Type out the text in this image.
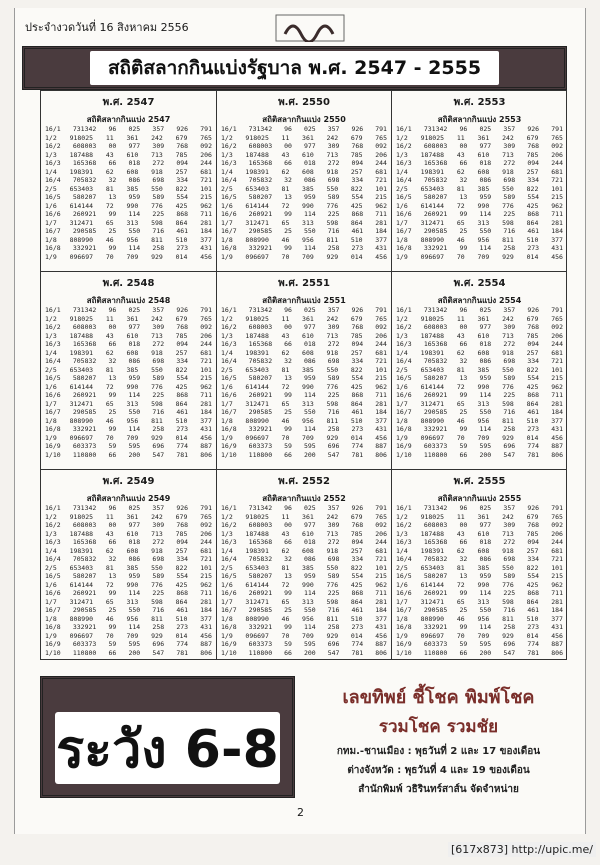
ประจำงวดวันที่ 16 สิงหาคม 2556
สถิติสลากกินแบ่งรัฐบาล พ.ศ. 2547 - 2555
พ.ศ. 2547
สถิติสลากกินแบ่ง 2547
16/1 731342 96 025 357 926 791
1/2 918025 11 361 242 679 765
16/2 608003 00 977 309 768 092
1/3 187488 43 610 713 785 206
16/3 165368 66 018 272 094 244
1/4 198391 62 608 918 257 681
16/4 705832 32 086 698 334 721
2/5 653403 81 385 550 822 101
16/5 580207 13 959 589 554 215
1/6 614144 72 990 776 425 962
16/6 260921 99 114 225 868 711
1/7 312471 65 313 598 864 281
16/7 290585 25 550 716 461 184
1/8 808990 46 956 811 510 377
16/8 332921 99 114 258 273 431
1/9 096697 70 709 929 014 456
พ.ศ. 2550
สถิติสลากกินแบ่ง 2550
16/1 731342 96 025 357 926 791
1/2 918025 11 361 242 679 765
16/2 608003 00 977 309 768 092
1/3 187488 43 610 713 785 206
16/3 165368 66 018 272 094 244
1/4 198391 62 608 918 257 681
16/4 705832 32 086 698 334 721
2/5 653403 81 385 550 822 101
16/5 580207 13 959 589 554 215
1/6 614144 72 990 776 425 962
16/6 260921 99 114 225 868 711
1/7 312471 65 313 598 864 281
16/7 290585 25 550 716 461 184
1/8 808990 46 956 811 510 377
16/8 332921 99 114 258 273 431
1/9 096697 70 709 929 014 456
พ.ศ. 2553
สถิติสลากกินแบ่ง 2553
16/1 731342 96 025 357 926 791
1/2 918025 11 361 242 679 765
16/2 608003 00 977 309 768 092
1/3 187488 43 610 713 785 206
16/3 165368 66 018 272 094 244
1/4 198391 62 608 918 257 681
16/4 705832 32 086 698 334 721
2/5 653403 81 385 550 822 101
16/5 580207 13 959 589 554 215
1/6 614144 72 990 776 425 962
16/6 260921 99 114 225 868 711
1/7 312471 65 313 598 864 281
16/7 290585 25 550 716 461 184
1/8 808990 46 956 811 510 377
16/8 332921 99 114 258 273 431
1/9 096697 70 709 929 014 456
พ.ศ. 2548
สถิติสลากกินแบ่ง 2548
16/1 731342 96 025 357 926 791
1/2 918025 11 361 242 679 765
16/2 608003 00 977 309 768 092
1/3 187488 43 610 713 785 206
16/3 165368 66 018 272 094 244
1/4 198391 62 608 918 257 681
16/4 705832 32 086 698 334 721
2/5 653403 81 385 550 822 101
16/5 580207 13 959 589 554 215
1/6 614144 72 990 776 425 962
16/6 260921 99 114 225 868 711
1/7 312471 65 313 598 864 281
16/7 290585 25 550 716 461 184
1/8 808990 46 956 811 510 377
16/8 332921 99 114 258 273 431
1/9 096697 70 709 929 014 456
16/9 603373 59 595 696 774 887
1/10 110800 66 200 547 781 806
พ.ศ. 2551
สถิติสลากกินแบ่ง 2551
16/1 731342 96 025 357 926 791
1/2 918025 11 361 242 679 765
16/2 608003 00 977 309 768 092
1/3 187488 43 610 713 785 206
16/3 165368 66 018 272 094 244
1/4 198391 62 608 918 257 681
16/4 705832 32 086 698 334 721
2/5 653403 81 385 550 822 101
16/5 580207 13 959 589 554 215
1/6 614144 72 990 776 425 962
16/6 260921 99 114 225 868 711
1/7 312471 65 313 598 864 281
16/7 290585 25 550 716 461 184
1/8 808990 46 956 811 510 377
16/8 332921 99 114 258 273 431
1/9 096697 70 709 929 014 456
16/9 603373 59 595 696 774 887
1/10 110800 66 200 547 781 806
พ.ศ. 2554
สถิติสลากกินแบ่ง 2554
16/1 731342 96 025 357 926 791
1/2 918025 11 361 242 679 765
16/2 608003 00 977 309 768 092
1/3 187488 43 610 713 785 206
16/3 165368 66 018 272 094 244
1/4 198391 62 608 918 257 681
16/4 705832 32 086 698 334 721
2/5 653403 81 385 550 822 101
16/5 580207 13 959 589 554 215
1/6 614144 72 990 776 425 962
16/6 260921 99 114 225 868 711
1/7 312471 65 313 598 864 281
16/7 290585 25 550 716 461 184
1/8 808990 46 956 811 510 377
16/8 332921 99 114 258 273 431
1/9 096697 70 709 929 014 456
16/9 603373 59 595 696 774 887
1/10 110800 66 200 547 781 806
พ.ศ. 2549
สถิติสลากกินแบ่ง 2549
16/1 731342 96 025 357 926 791
1/2 918025 11 361 242 679 765
16/2 608003 00 977 309 768 092
1/3 187488 43 610 713 785 206
16/3 165368 66 018 272 094 244
1/4 198391 62 608 918 257 681
16/4 705832 32 086 698 334 721
2/5 653403 81 385 550 822 101
16/5 580207 13 959 589 554 215
1/6 614144 72 990 776 425 962
16/6 260921 99 114 225 868 711
1/7 312471 65 313 598 864 281
16/7 290585 25 550 716 461 184
1/8 808990 46 956 811 510 377
16/8 332921 99 114 258 273 431
1/9 096697 70 709 929 014 456
16/9 603373 59 595 696 774 887
1/10 110800 66 200 547 781 806
พ.ศ. 2552
สถิติสลากกินแบ่ง 2552
16/1 731342 96 025 357 926 791
1/2 918025 11 361 242 679 765
16/2 608003 00 977 309 768 092
1/3 187488 43 610 713 785 206
16/3 165368 66 018 272 094 244
1/4 198391 62 608 918 257 681
16/4 705832 32 086 698 334 721
2/5 653403 81 385 550 822 101
16/5 580207 13 959 589 554 215
1/6 614144 72 990 776 425 962
16/6 260921 99 114 225 868 711
1/7 312471 65 313 598 864 281
16/7 290585 25 550 716 461 184
1/8 808990 46 956 811 510 377
16/8 332921 99 114 258 273 431
1/9 096697 70 709 929 014 456
16/9 603373 59 595 696 774 887
1/10 110800 66 200 547 781 806
พ.ศ. 2555
สถิติสลากกินแบ่ง 2555
16/1 731342 96 025 357 926 791
1/2 918025 11 361 242 679 765
16/2 608003 00 977 309 768 092
1/3 187488 43 610 713 785 206
16/3 165368 66 018 272 094 244
1/4 198391 62 608 918 257 681
16/4 705832 32 086 698 334 721
2/5 653403 81 385 550 822 101
16/5 580207 13 959 589 554 215
1/6 614144 72 990 776 425 962
16/6 260921 99 114 225 868 711
1/7 312471 65 313 598 864 281
16/7 290585 25 550 716 461 184
1/8 808990 46 956 811 510 377
16/8 332921 99 114 258 273 431
1/9 096697 70 709 929 014 456
16/9 603373 59 595 696 774 887
1/10 110800 66 200 547 781 806
ระวัง 6-8
เลขทิพย์ ชี้โชค พิมพ์โชค
รวมโชค รวมชัย
กทม.-ชานเมือง : พุธวันที่ 2 และ 17 ของเดือน
ต่างจังหวัด : พุธวันที่ 4 และ 19 ของเดือน
สำนักพิมพ์ วธิรินทร์สาส์น จัดจำหน่าย
2
[617x873] http://upic.me/
